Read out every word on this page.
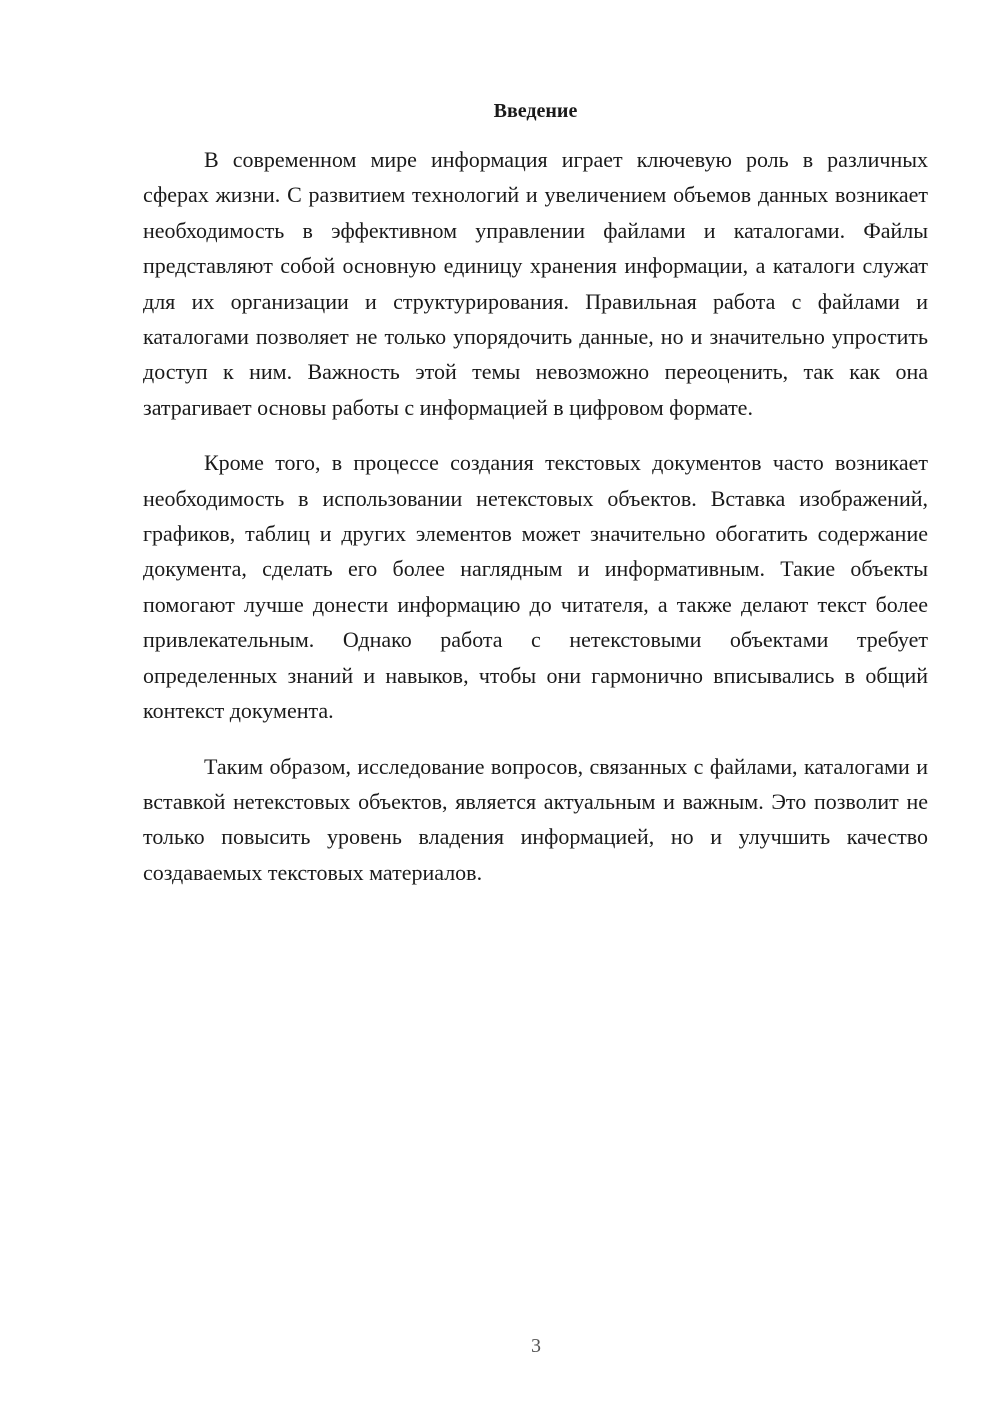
Введение

В современном мире информация играет ключевую роль в различных сферах жизни. С развитием технологий и увеличением объемов данных возникает необходимость в эффективном управлении файлами и каталогами. Файлы представляют собой основную единицу хранения информации, а каталоги служат для их организации и структурирования. Правильная работа с файлами и каталогами позволяет не только упорядочить данные, но и значительно упростить доступ к ним. Важность этой темы невозможно переоценить, так как она затрагивает основы работы с информацией в цифровом формате.

Кроме того, в процессе создания текстовых документов часто возникает необходимость в использовании нетекстовых объектов. Вставка изображений, графиков, таблиц и других элементов может значительно обогатить содержание документа, сделать его более наглядным и информативным. Такие объекты помогают лучше донести информацию до читателя, а также делают текст более привлекательным. Однако работа с нетекстовыми объектами требует определенных знаний и навыков, чтобы они гармонично вписывались в общий контекст документа.

Таким образом, исследование вопросов, связанных с файлами, каталогами и вставкой нетекстовых объектов, является актуальным и важным. Это позволит не только повысить уровень владения информацией, но и улучшить качество создаваемых текстовых материалов.

3
